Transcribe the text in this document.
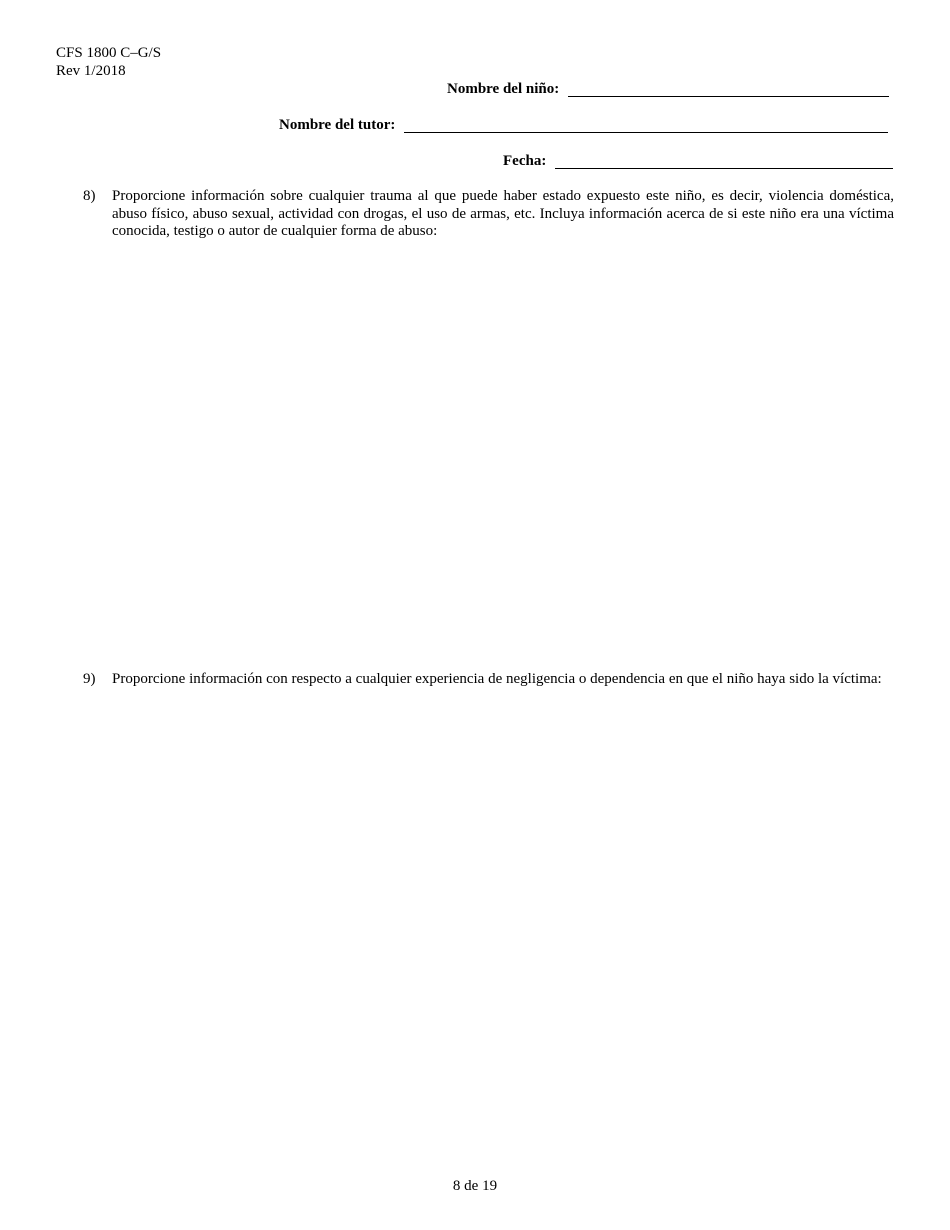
CFS 1800 C–G/S
Rev 1/2018
Nombre del niño:
Nombre del tutor:
Fecha:
8)	Proporcione información sobre cualquier trauma al que puede haber estado expuesto este niño, es decir, violencia doméstica, abuso físico, abuso sexual, actividad con drogas, el uso de armas, etc. Incluya información acerca de si este niño era una víctima conocida, testigo o autor de cualquier forma de abuso:
9)	Proporcione información con respecto a cualquier experiencia de negligencia o dependencia en que el niño haya sido la víctima:
8 de 19
